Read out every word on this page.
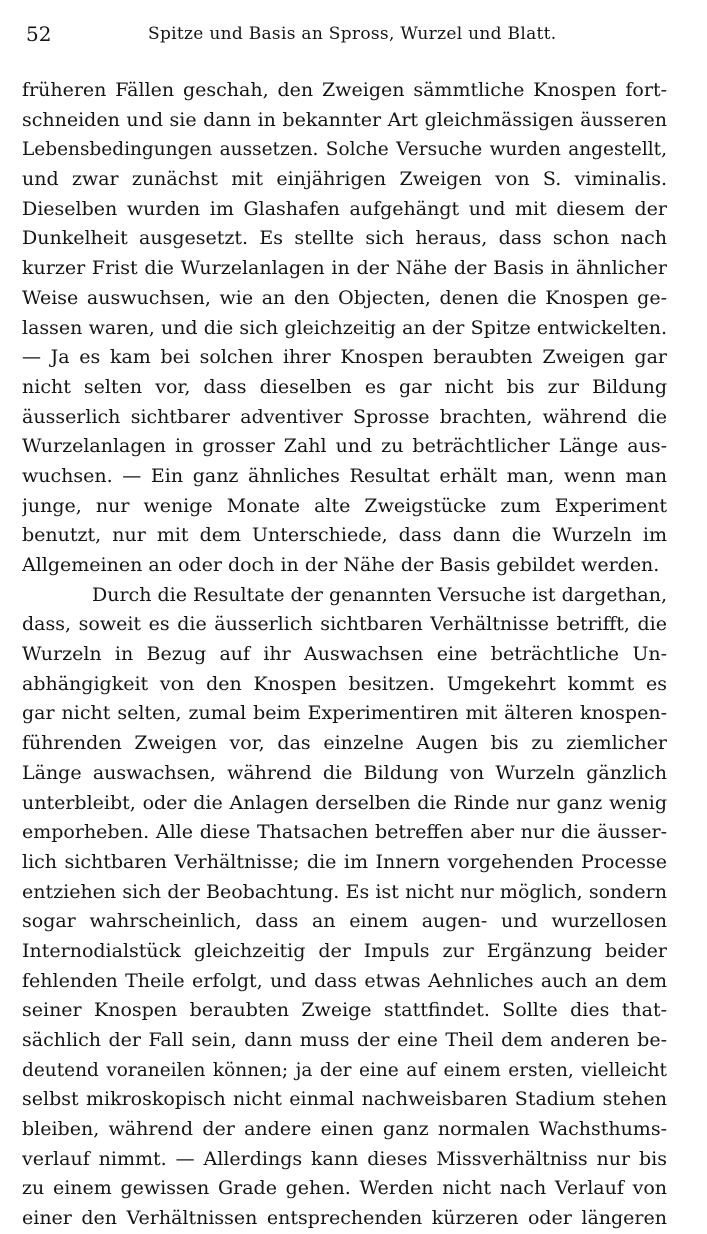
52	Spitze und Basis an Spross, Wurzel und Blatt.
früheren Fällen geschah, den Zweigen sämmtliche Knospen fort-
schneiden und sie dann in bekannter Art gleichmässigen äusseren
Lebensbedingungen aussetzen. Solche Versuche wurden angestellt,
und zwar zunächst mit einjährigen Zweigen von S. viminalis.
Dieselben wurden im Glashafen aufgehängt und mit diesem der
Dunkelheit ausgesetzt. Es stellte sich heraus, dass schon nach
kurzer Frist die Wurzelanlagen in der Nähe der Basis in ähnlicher
Weise auswuchsen, wie an den Objecten, denen die Knospen ge-
lassen waren, und die sich gleichzeitig an der Spitze entwickelten.
— Ja es kam bei solchen ihrer Knospen beraubten Zweigen gar
nicht selten vor, dass dieselben es gar nicht bis zur Bildung
äusserlich sichtbarer adventiver Sprosse brachten, während die
Wurzelanlagen in grosser Zahl und zu beträchtlicher Länge aus-
wuchsen. — Ein ganz ähnliches Resultat erhält man, wenn man
junge, nur wenige Monate alte Zweigstücke zum Experiment
benutzt, nur mit dem Unterschiede, dass dann die Wurzeln im
Allgemeinen an oder doch in der Nähe der Basis gebildet werden.
Durch die Resultate der genannten Versuche ist dargethan,
dass, soweit es die äusserlich sichtbaren Verhältnisse betrifft, die
Wurzeln in Bezug auf ihr Auswachsen eine beträchtliche Un-
abhängigkeit von den Knospen besitzen. Umgekehrt kommt es
gar nicht selten, zumal beim Experimentiren mit älteren knospen-
führenden Zweigen vor, das einzelne Augen bis zu ziemlicher
Länge auswachsen, während die Bildung von Wurzeln gänzlich
unterbleibt, oder die Anlagen derselben die Rinde nur ganz wenig
emporheben. Alle diese Thatsachen betreffen aber nur die äusser-
lich sichtbaren Verhältnisse; die im Innern vorgehenden Processe
entziehen sich der Beobachtung. Es ist nicht nur möglich, sondern
sogar wahrscheinlich, dass an einem augen- und wurzellosen
Internodialstück gleichzeitig der Impuls zur Ergänzung beider
fehlenden Theile erfolgt, und dass etwas Aehnliches auch an dem
seiner Knospen beraubten Zweige stattfindet. Sollte dies that-
sächlich der Fall sein, dann muss der eine Theil dem anderen be-
deutend voraneilen können; ja der eine auf einem ersten, vielleicht
selbst mikroskopisch nicht einmal nachweisbaren Stadium stehen
bleiben, während der andere einen ganz normalen Wachsthums-
verlauf nimmt. — Allerdings kann dieses Missverhältniss nur bis
zu einem gewissen Grade gehen. Werden nicht nach Verlauf von
einer den Verhältnissen entsprechenden kürzeren oder längeren
